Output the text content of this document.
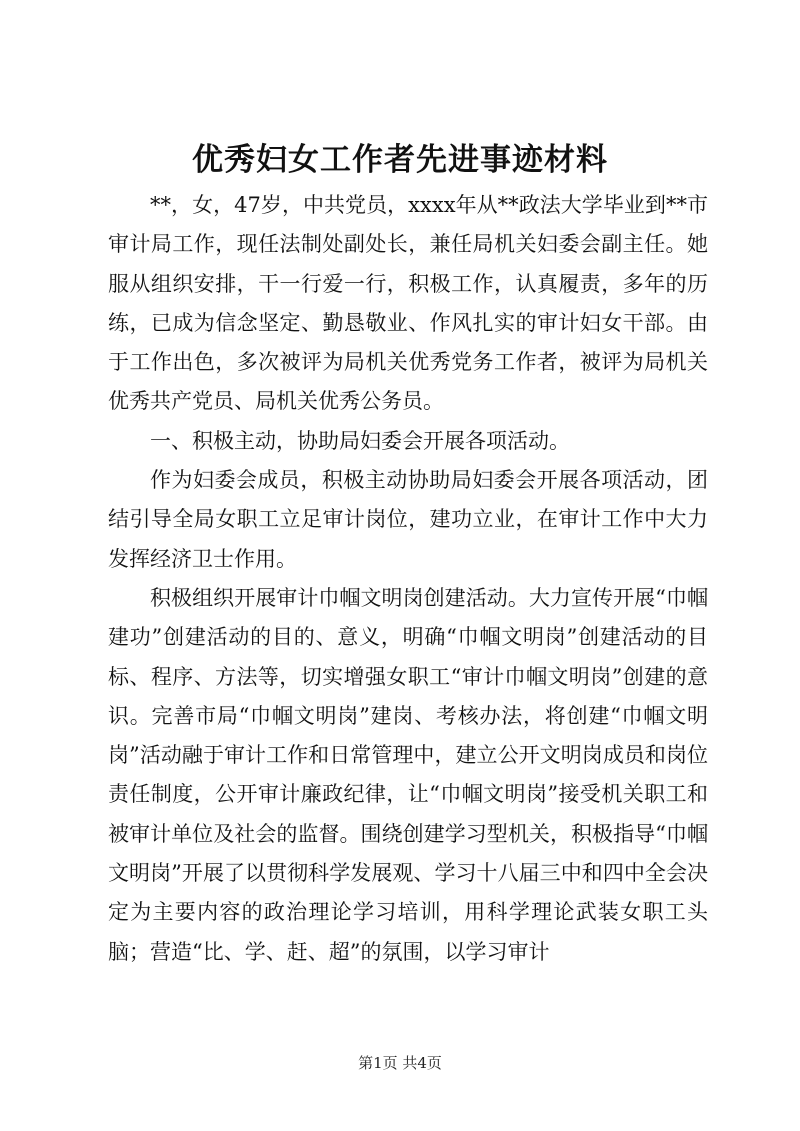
优秀妇女工作者先进事迹材料

**，女，47岁，中共党员，xxxx年从**政法大学毕业到**市审计局工作，现任法制处副处长，兼任局机关妇委会副主任。她服从组织安排，干一行爱一行，积极工作，认真履责，多年的历练，已成为信念坚定、勤恳敬业、作风扎实的审计妇女干部。由于工作出色，多次被评为局机关优秀党务工作者，被评为局机关优秀共产党员、局机关优秀公务员。

一、积极主动，协助局妇委会开展各项活动。

作为妇委会成员，积极主动协助局妇委会开展各项活动，团结引导全局女职工立足审计岗位，建功立业，在审计工作中大力发挥经济卫士作用。

积极组织开展审计巾帼文明岗创建活动。大力宣传开展“巾帼建功”创建活动的目的、意义，明确“巾帼文明岗”创建活动的目标、程序、方法等，切实增强女职工“审计巾帼文明岗”创建的意识。完善市局“巾帼文明岗”建岗、考核办法，将创建“巾帼文明岗”活动融于审计工作和日常管理中，建立公开文明岗成员和岗位责任制度，公开审计廉政纪律，让“巾帼文明岗”接受机关职工和被审计单位及社会的监督。围绕创建学习型机关，积极指导“巾帼文明岗”开展了以贯彻科学发展观、学习十八届三中和四中全会决定为主要内容的政治理论学习培训，用科学理论武装女职工头脑；营造“比、学、赶、超”的氛围，以学习审计

第1页 共4页
